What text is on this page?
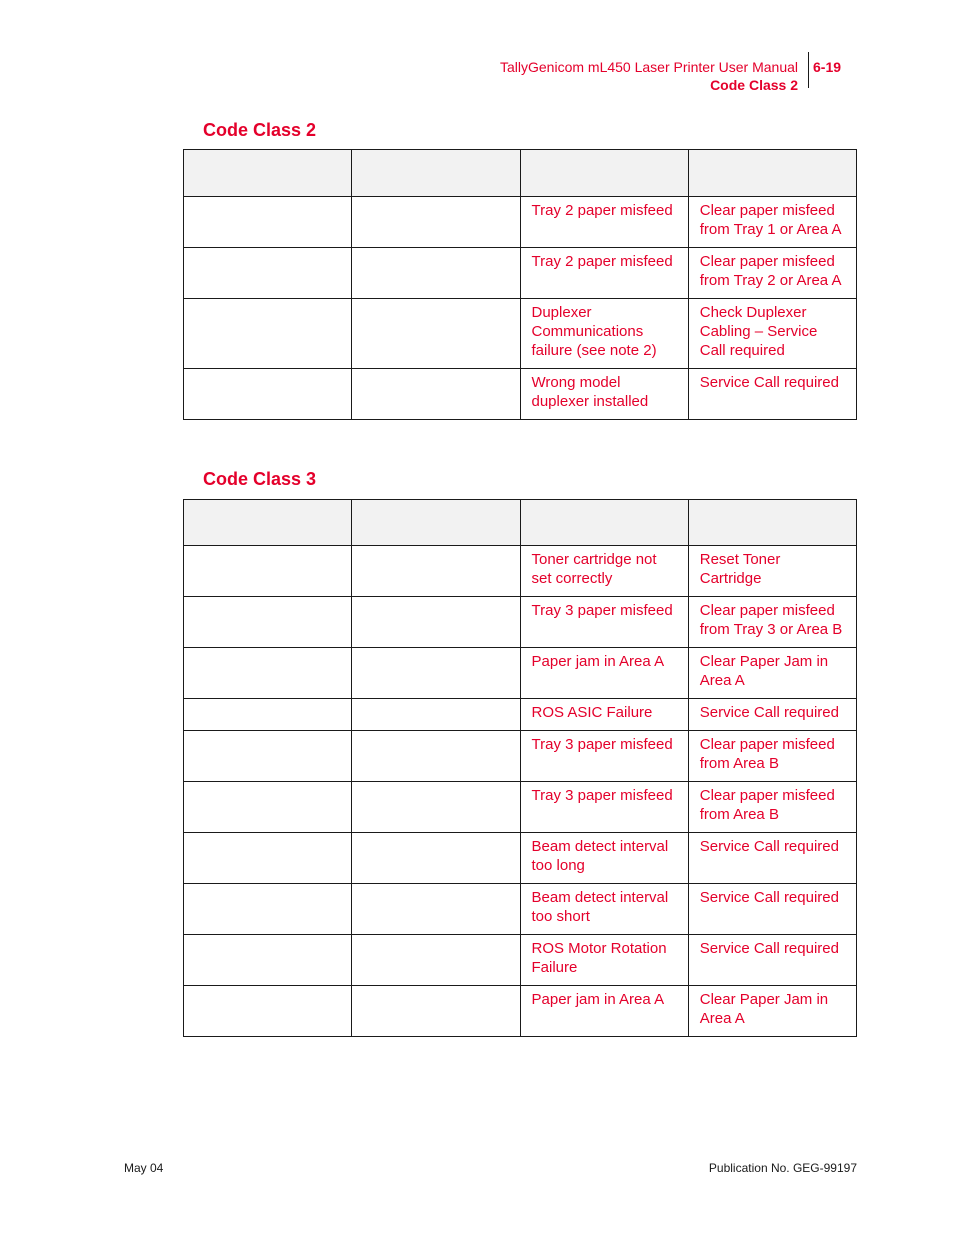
TallyGenicom mL450 Laser Printer User Manual
Code Class 2
6-19
Code Class 2

		Tray 2 paper misfeed	Clear paper misfeed from Tray 1 or Area A
		Tray 2 paper misfeed	Clear paper misfeed from Tray 2 or Area A
		Duplexer Communications failure (see note 2)	Check Duplexer Cabling – Service Call required
		Wrong model duplexer installed	Service Call required
Code Class 3

		Toner cartridge not set correctly	Reset Toner Cartridge
		Tray 3 paper misfeed	Clear paper misfeed from Tray 3 or Area B
		Paper jam in Area A	Clear Paper Jam in Area A
		ROS ASIC Failure	Service Call required
		Tray 3 paper misfeed	Clear paper misfeed from Area B
		Tray 3 paper misfeed	Clear paper misfeed from Area B
		Beam detect interval too long	Service Call required
		Beam detect interval too short	Service Call required
		ROS Motor Rotation Failure	Service Call required
		Paper jam in Area A	Clear Paper Jam in Area A
May 04	Publication No. GEG-99197
